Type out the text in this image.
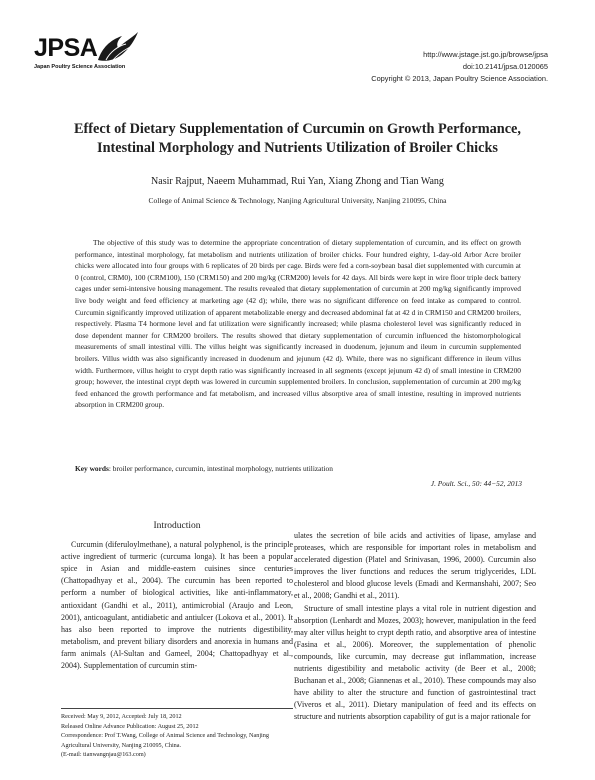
JPSA
Japan Poultry Science Association
http://www.jstage.jst.go.jp/browse/jpsa
doi:10.2141/jpsa.0120065
Copyright © 2013, Japan Poultry Science Association.
Effect of Dietary Supplementation of Curcumin on Growth Performance,
Intestinal Morphology and Nutrients Utilization of Broiler Chicks
Nasir Rajput, Naeem Muhammad, Rui Yan, Xiang Zhong and Tian Wang
College of Animal Science & Technology, Nanjing Agricultural University, Nanjing 210095, China
The objective of this study was to determine the appropriate concentration of dietary supplementation of curcumin, and its effect on growth performance, intestinal morphology, fat metabolism and nutrients utilization of broiler chicks. Four hundred eighty, 1-day-old Arbor Acre broiler chicks were allocated into four groups with 6 replicates of 20 birds per cage. Birds were fed a corn-soybean basal diet supplemented with curcumin at 0 (control, CRM0), 100 (CRM100), 150 (CRM150) and 200 mg/kg (CRM200) levels for 42 days. All birds were kept in wire floor triple deck battery cages under semi-intensive housing management. The results revealed that dietary supplementation of curcumin at 200 mg/kg significantly improved live body weight and feed efficiency at marketing age (42 d); while, there was no significant difference on feed intake as compared to control. Curcumin significantly improved utilization of apparent metabolizable energy and decreased abdominal fat at 42 d in CRM150 and CRM200 broilers, respectively. Plasma T4 hormone level and fat utilization were significantly increased; while plasma cholesterol level was significantly reduced in dose dependent manner for CRM200 broilers. The results showed that dietary supplementation of curcumin influenced the histomorphological measurements of small intestinal villi. The villus height was significantly increased in duodenum, jejunum and ileum in curcumin supplemented broilers. Villus width was also significantly increased in duodenum and jejunum (42 d). While, there was no significant difference in ileum villus width. Furthermore, villus height to crypt depth ratio was significantly increased in all segments (except jejunum 42 d) of small intestine in CRM200 group; however, the intestinal crypt depth was lowered in curcumin supplemented broilers. In conclusion, supplementation of curcumin at 200 mg/kg feed enhanced the growth performance and fat metabolism, and increased villus absorptive area of small intestine, resulting in improved nutrients absorption in CRM200 group.
Key words: broiler performance, curcumin, intestinal morphology, nutrients utilization
J. Poult. Sci., 50: 44−52, 2013
Introduction

Curcumin (diferuloylmethane), a natural polyphenol, is the principle active ingredient of turmeric (curcuma longa). It has been a popular spice in Asian and middle-eastern cuisines since centuries (Chattopadhyay et al., 2004). The curcumin has been reported to perform a number of biological activities, like anti-inflammatory, antioxidant (Gandhi et al., 2011), antimicrobial (Araujo and Leon, 2001), anticoagulant, antidiabetic and antiulcer (Lokova et al., 2001). It has also been reported to improve the nutrients digestibility, metabolism, and prevent biliary disorders and anorexia in humans and farm animals (Al-Sultan and Gameel, 2004; Chattopadhyay et al., 2004). Supplementation of curcumin stim-

ulates the secretion of bile acids and activities of lipase, amylase and proteases, which are responsible for important roles in metabolism and accelerated digestion (Platel and Srinivasan, 1996, 2000). Curcumin also improves the liver functions and reduces the serum triglycerides, LDL cholesterol and blood glucose levels (Emadi and Kermanshahi, 2007; Seo et al., 2008; Gandhi et al., 2011).

Structure of small intestine plays a vital role in nutrient digestion and absorption (Lenhardt and Mozes, 2003); however, manipulation in the feed may alter villus height to crypt depth ratio, and absorptive area of intestine (Fasina et al., 2006). Moreover, the supplementation of phenolic compounds, like curcumin, may decrease gut inflammation, increase nutrients digestibility and metabolic activity (de Beer et al., 2008; Buchanan et al., 2008; Giannenas et al., 2010). These compounds may also have ability to alter the structure and function of gastrointestinal tract (Viveros et al., 2011). Dietary manipulation of feed and its effects on structure and nutrients absorption capability of gut is a major rationale for

Received: May 9, 2012, Accepted: July 18, 2012
Released Online Advance Publication: August 25, 2012
Correspondence: Prof T.Wang, College of Animal Science and Technology, Nanjing Agricultural University, Nanjing 210095, China.
(E-mail: tianwangnjau@163.com)
